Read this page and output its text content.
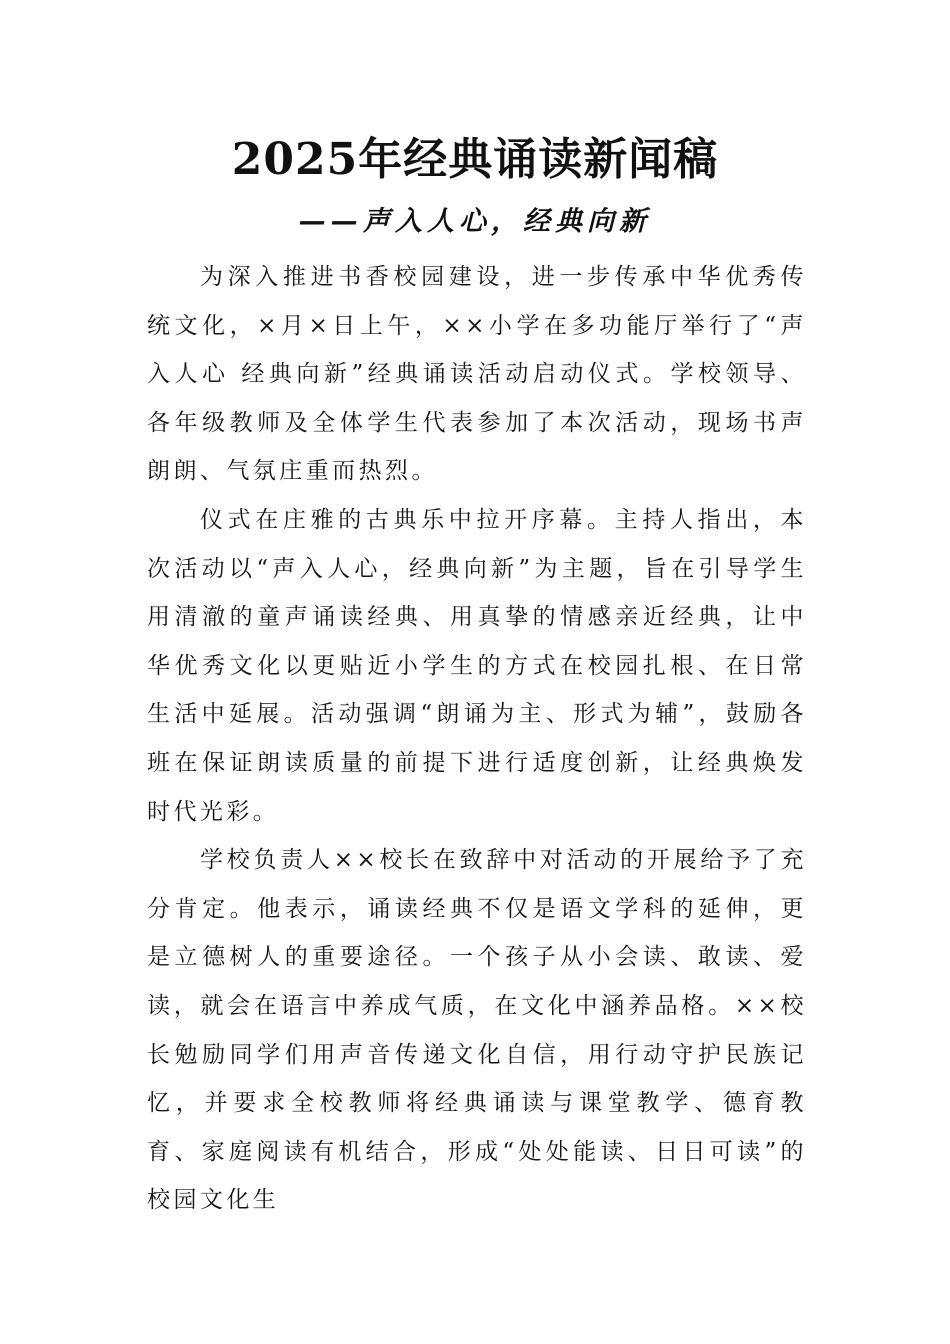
2025年经典诵读新闻稿
——声入人心，经典向新

为深入推进书香校园建设，进一步传承中华优秀传统文化，×月×日上午，××小学在多功能厅举行了“声入人心 经典向新”经典诵读活动启动仪式。学校领导、各年级教师及全体学生代表参加了本次活动，现场书声朗朗、气氛庄重而热烈。

仪式在庄雅的古典乐中拉开序幕。主持人指出，本次活动以“声入人心，经典向新”为主题，旨在引导学生用清澈的童声诵读经典、用真挚的情感亲近经典，让中华优秀文化以更贴近小学生的方式在校园扎根、在日常生活中延展。活动强调“朗诵为主、形式为辅”，鼓励各班在保证朗读质量的前提下进行适度创新，让经典焕发时代光彩。

学校负责人××校长在致辞中对活动的开展给予了充分肯定。他表示，诵读经典不仅是语文学科的延伸，更是立德树人的重要途径。一个孩子从小会读、敢读、爱读，就会在语言中养成气质，在文化中涵养品格。××校长勉励同学们用声音传递文化自信，用行动守护民族记忆，并要求全校教师将经典诵读与课堂教学、德育教育、家庭阅读有机结合，形成“处处能读、日日可读”的校园文化生
